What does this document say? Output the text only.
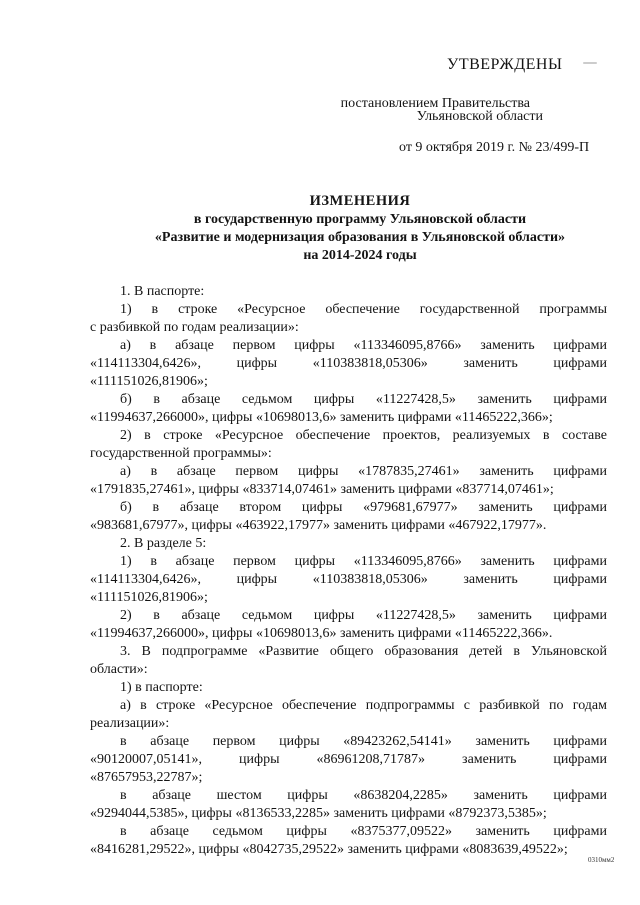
УТВЕРЖДЕНЫ
постановлением Правительства
Ульяновской области
от 9 октября 2019 г. № 23/499-П
ИЗМЕНЕНИЯ
в государственную программу Ульяновской области
«Развитие и модернизация образования в Ульяновской области»
на 2014-2024 годы
1. В паспорте:
1) в строке «Ресурсное обеспечение государственной программы
с разбивкой по годам реализации»:
а) в абзаце первом цифры «113346095,8766» заменить цифрами
«114113304,6426», цифры «110383818,05306» заменить цифрами
«111151026,81906»;
б) в абзаце седьмом цифры «11227428,5» заменить цифрами
«11994637,266000», цифры «10698013,6» заменить цифрами «11465222,366»;
2) в строке «Ресурсное обеспечение проектов, реализуемых в составе
государственной программы»:
а) в абзаце первом цифры «1787835,27461» заменить цифрами
«1791835,27461», цифры «833714,07461» заменить цифрами «837714,07461»;
б) в абзаце втором цифры «979681,67977» заменить цифрами
«983681,67977», цифры «463922,17977» заменить цифрами «467922,17977».
2. В разделе 5:
1) в абзаце первом цифры «113346095,8766» заменить цифрами
«114113304,6426», цифры «110383818,05306» заменить цифрами
«111151026,81906»;
2) в абзаце седьмом цифры «11227428,5» заменить цифрами
«11994637,266000», цифры «10698013,6» заменить цифрами «11465222,366».
3. В подпрограмме «Развитие общего образования детей в Ульяновской
области»:
1) в паспорте:
а) в строке «Ресурсное обеспечение подпрограммы с разбивкой по годам
реализации»:
в абзаце первом цифры «89423262,54141» заменить цифрами
«90120007,05141», цифры «86961208,71787» заменить цифрами
«87657953,22787»;
в абзаце шестом цифры «8638204,2285» заменить цифрами
«9294044,5385», цифры «8136533,2285» заменить цифрами «8792373,5385»;
в абзаце седьмом цифры «8375377,09522» заменить цифрами
«8416281,29522», цифры «8042735,29522» заменить цифрами «8083639,49522»;
0310мм2
